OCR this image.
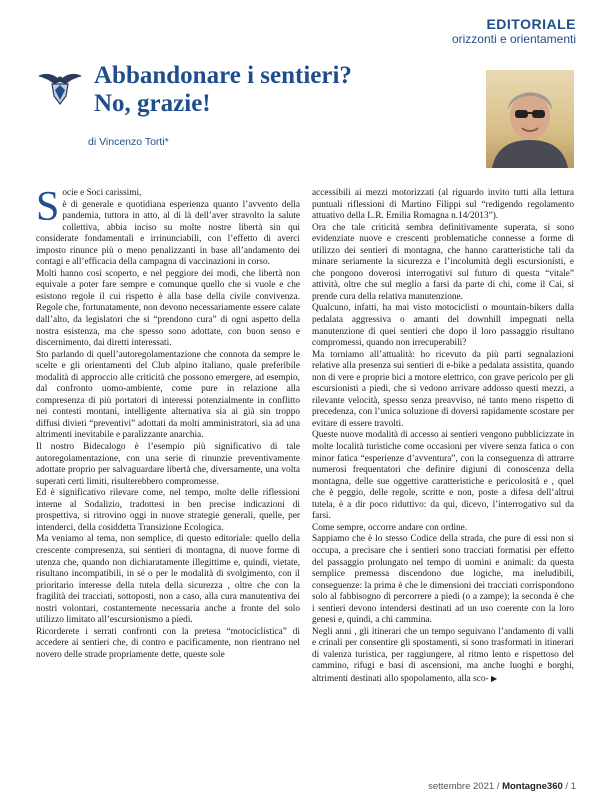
EDITORIALE
orizzonti e orientamenti
Abbandonare i sentieri?
No, grazie!
di Vincenzo Torti*

Socie e Soci carissimi,
è di generale e quotidiana esperienza quanto l’avvento della pandemia, tuttora in atto, al di là dell’aver stravolto la salute collettiva, abbia inciso su molte nostre libertà sin qui considerate fondamentali e irrinunciabili, con l’effetto di averci imposto rinunce più o meno penalizzanti in base all’andamento dei contagi e all’efficacia della campagna di vaccinazioni in corso.

Molti hanno così scoperto, e nel peggiore dei modi, che libertà non equivale a poter fare sempre e comunque quello che si vuole e che esistono regole il cui rispetto è alla base della civile convivenza. Regole che, fortunatamente, non devono necessariamente essere calate dall’alto, da legislatori che si “prendono cura” di ogni aspetto della nostra esistenza, ma che spesso sono adottate, con buon senso e discernimento, dai diretti interessati.

Sto parlando di quell’autoregolamentazione che connota da sempre le scelte e gli orientamenti del Club alpino italiano, quale preferibile modalità di approccio alle criticità che possono emergere, ad esempio, dal confronto uomo-ambiente, come pure in relazione alla compresenza di più portatori di interessi potenzialmente in conflitto nei contesti montani, intelligente alternativa sia ai già sin troppo diffusi divieti “preventivi” adottati da molti amministratori, sia ad una altrimenti inevitabile e paralizzante anarchia.

Il nostro Bidecalogo è l’esempio più significativo di tale autoregolamentazione, con una serie di rinunzie preventivamente adottate proprio per salvaguardare libertà che, diversamente, una volta superati certi limiti, risulterebbero compromesse.

Ed è significativo rilevare come, nel tempo, molte delle riflessioni interne al Sodalizio, tradottesi in ben precise indicazioni di prospettiva, si ritrovino oggi in nuove strategie generali, quelle, per intenderci, della cosiddetta Transizione Ecologica.

Ma veniamo al tema, non semplice, di questo editoriale: quello della crescente compresenza, sui sentieri di montagna, di nuove forme di utenza che, quando non dichiaratamente illegittime e, quindi, vietate, risultano incompatibili, in sé o per le modalità di svolgimento, con il prioritario interesse della tutela della sicurezza , oltre che con la fragilità dei tracciati, sottoposti, non a caso, alla cura manutentiva dei nostri volontari, costantemente necessaria anche a fronte del solo utilizzo limitato all’escursionismo a piedi.

Ricorderete i serrati confronti con la pretesa “motociclistica” di accedere ai sentieri che, di contro e pacificamente, non rientrano nel novero delle strade propriamente dette, queste sole

accessibili ai mezzi motorizzati (al riguardo invito tutti alla lettura puntuali riflessioni di Martino Filippi sul “redigendo regolamento attuativo della L.R. Emilia Romagna n.14/2013”).

Ora che tale criticità sembra definitivamente superata, si sono evidenziate nuove e crescenti problematiche connesse a forme di utilizzo dei sentieri di montagna, che hanno caratteristiche tali da minare seriamente la sicurezza e l’incolumità degli escursionisti, e che pongono doverosi interrogativi sul futuro di questa “vitale” attività, oltre che sul meglio a farsi da parte di chi, come il Cai, si prende cura della relativa manutenzione.

Qualcuno, infatti, ha mai visto motociclisti o mountain-bikers dalla pedalata aggressiva o amanti del downhill impegnati nella manutenzione di quei sentieri che dopo il loro passaggio risultano compromessi, quando non irrecuperabili?

Ma torniamo all’attualità: ho ricevuto da più parti segnalazioni relative alla presenza sui sentieri di e-bike a pedalata assistita, quando non di vere e proprie bici a motore elettrico, con grave pericolo per gli escursionisti a piedi, che si vedono arrivare addosso questi mezzi, a rilevante velocità, spesso senza preavviso, né tanto meno rispetto di precedenza, con l’unica soluzione di doversi rapidamente scostare per evitare di essere travolti.

Queste nuove modalità di accesso ai sentieri vengono pubblicizzate in molte località turistiche come occasioni per vivere senza fatica o con minor fatica “esperienze d’avventura”, con la conseguenza di attrarre numerosi frequentatori che definire digiuni di conoscenza della montagna, delle sue oggettive caratteristiche e pericolosità e , quel che è peggio, delle regole, scritte e non, poste a difesa dell’altrui tutela, è a dir poco riduttivo: da qui, dicevo, l’interrogativo sul da farsi.

Come sempre, occorre andare con ordine.

Sappiamo che è lo stesso Codice della strada, che pure di essi non si occupa, a precisare che i sentieri sono tracciati formatisi per effetto del passaggio prolungato nel tempo di uomini e animali: da questa semplice premessa discendono due logiche, ma ineludibili, conseguenze: la prima è che le dimensioni dei tracciati corrispondono solo al fabbisogno di percorrere a piedi (o a zampe); la seconda è che i sentieri devono intendersi destinati ad un uso coerente con la loro genesi e, quindi, a chi cammina.

Negli anni , gli itinerari che un tempo seguivano l’andamento di valli e crinali per consentire gli spostamenti, si sono trasformati in itinerari di valenza turistica, per raggiungere, al ritmo lento e rispettoso del cammino, rifugi e basi di ascensioni, ma anche luoghi e borghi, altrimenti destinati allo spopolamento, alla sco- ▶

settembre 2021 / Montagne360 / 1
